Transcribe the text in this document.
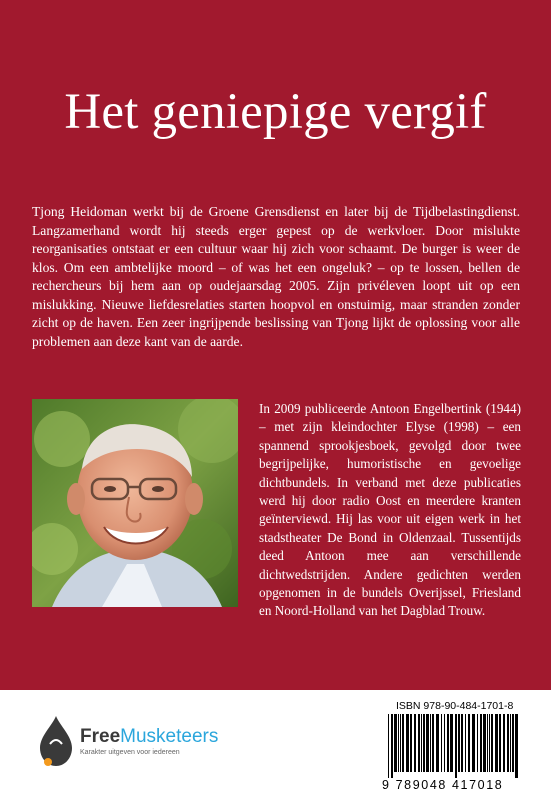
Het geniepige vergif

Tjong Heidoman werkt bij de Groene Grensdienst en later bij de Tijdbelastingdienst. Langzamerhand wordt hij steeds erger gepest op de werkvloer. Door mislukte reorganisaties ontstaat er een cultuur waar hij zich voor schaamt. De burger is weer de klos. Om een ambtelijke moord – of was het een ongeluk? – op te lossen, bellen de rechercheurs bij hem aan op oudejaarsdag 2005. Zijn privéleven loopt uit op een mislukking. Nieuwe liefdesrelaties starten hoopvol en onstuimig, maar stranden zonder zicht op de haven. Een zeer ingrijpende beslissing van Tjong lijkt de oplossing voor alle problemen aan deze kant van de aarde.

In 2009 publiceerde Antoon Engelbertink (1944) – met zijn kleindochter Elyse (1998) – een spannend sprookjesboek, gevolgd door twee begrijpelijke, humoristische en gevoelige dichtbundels. In verband met deze publicaties werd hij door radio Oost en meerdere kranten geïnterviewd. Hij las voor uit eigen werk in het stadstheater De Bond in Oldenzaal. Tussentijds deed Antoon mee aan verschillende dichtwedstrijden. Andere gedichten werden opgenomen in de bundels Overijssel, Friesland en Noord-Holland van het Dagblad Trouw.

FreeMusketeers
Karakter uitgeven voor iedereen
ISBN 978-90-484-1701-8
9 789048 417018
